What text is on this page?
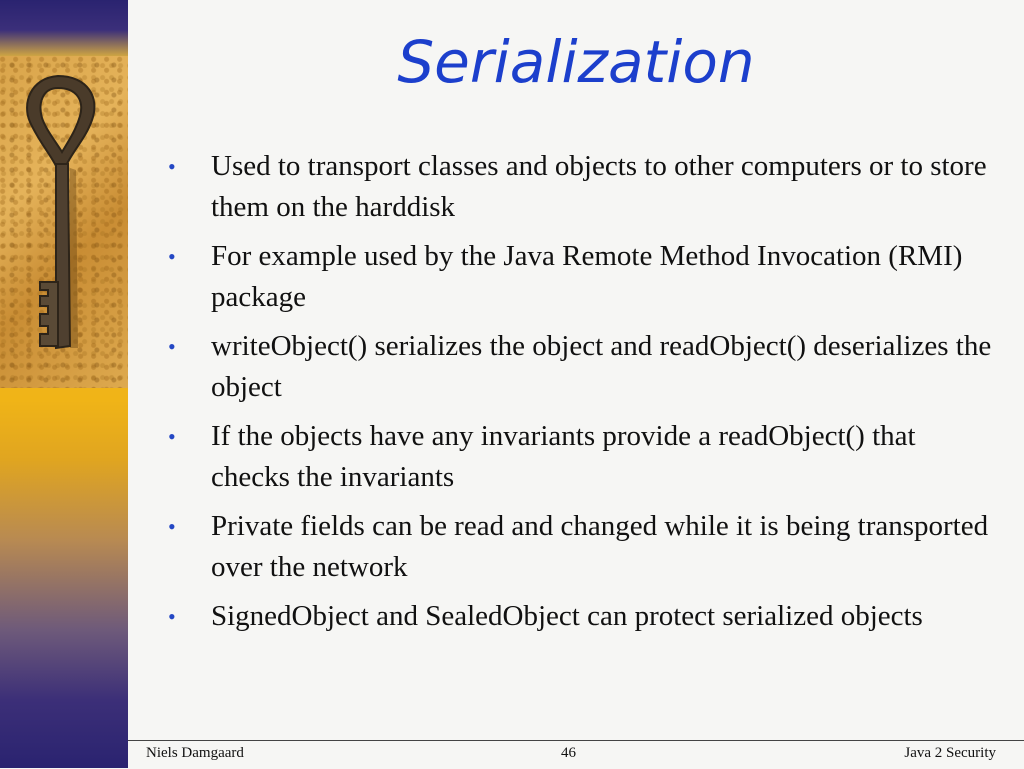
Serialization
• Used to transport classes and objects to other computers or to store them on the harddisk
• For example used by the Java Remote Method Invocation (RMI) package
• writeObject() serializes the object and readObject() deserializes the object
• If the objects have any invariants provide a readObject() that checks the invariants
• Private fields can be read and changed while it is being transported over the network
• SignedObject and SealedObject can protect serialized objects
Niels Damgaard	46	Java 2 Security
